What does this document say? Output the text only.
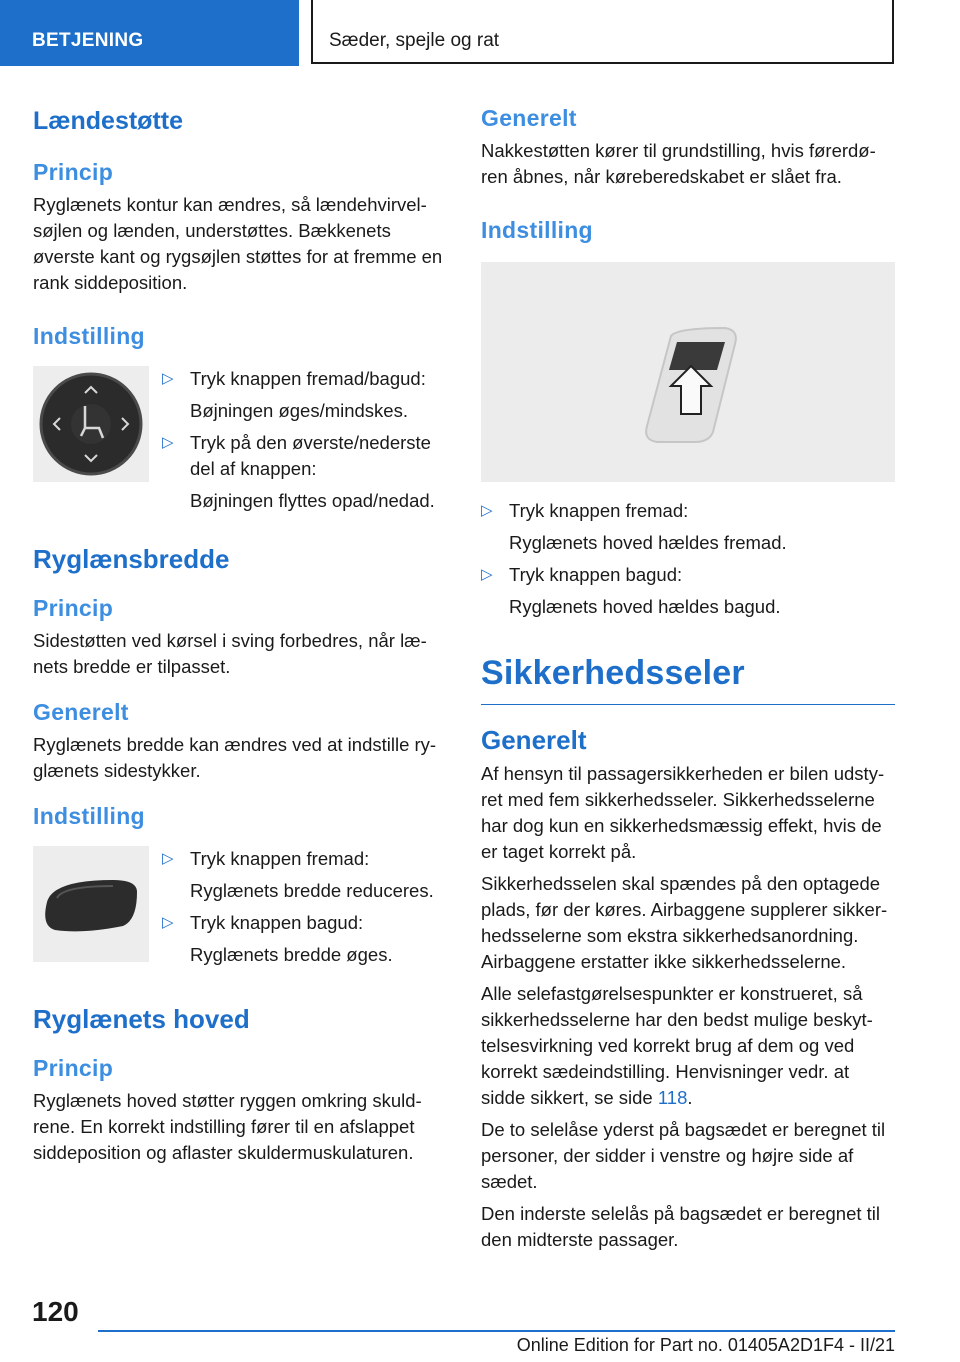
BETJENING	Sæder, spejle og rat
Lændestøtte
Princip

Ryglænets kontur kan ændres, så lændehvirvel-søjlen og lænden, understøttes. Bækkenets øverste kant og rygsøjlen støttes for at fremme en rank siddeposition.

Indstilling
▷ Tryk knappen fremad/bagud:

Bøjningen øges/mindskes.

▷ Tryk på den øverste/nederste del af knappen:

Bøjningen flyttes opad/nedad.

Ryglænsbredde
Princip

Sidestøtten ved kørsel i sving forbedres, når læ-nets bredde er tilpasset.

Generelt

Ryglænets bredde kan ændres ved at indstille ry-glænets sidestykker.

Indstilling
▷ Tryk knappen fremad:

Ryglænets bredde reduceres.

▷ Tryk knappen bagud:

Ryglænets bredde øges.

Ryglænets hoved
Princip

Ryglænets hoved støtter ryggen omkring skuld-rene. En korrekt indstilling fører til en afslappet siddeposition og aflaster skuldermuskulaturen.

Generelt

Nakkestøtten kører til grundstilling, hvis førerdø-ren åbnes, når køreberedskabet er slået fra.

Indstilling
▷ Tryk knappen fremad:

Ryglænets hoved hældes fremad.

▷ Tryk knappen bagud:

Ryglænets hoved hældes bagud.

Sikkerhedsseler
Generelt

Af hensyn til passagersikkerheden er bilen udsty-ret med fem sikkerhedsseler. Sikkerhedsselerne har dog kun en sikkerhedsmæssig effekt, hvis de er taget korrekt på.

Sikkerhedsselen skal spændes på den optagede plads, før der køres. Airbaggene supplerer sikker-hedsselerne som ekstra sikkerhedsanordning. Airbaggene erstatter ikke sikkerhedsselerne.

Alle selefastgørelsespunkter er konstrueret, så sikkerhedsselerne har den bedst mulige beskyt-telsesvirkning ved korrekt brug af dem og ved korrekt sædeindstilling. Henvisninger vedr. at sidde sikkert, se side 118.

De to selelåse yderst på bagsædet er beregnet til personer, der sidder i venstre og højre side af sædet.

Den inderste selelås på bagsædet er beregnet til den midterste passager.

120
Online Edition for Part no. 01405A2D1F4 - II/21
